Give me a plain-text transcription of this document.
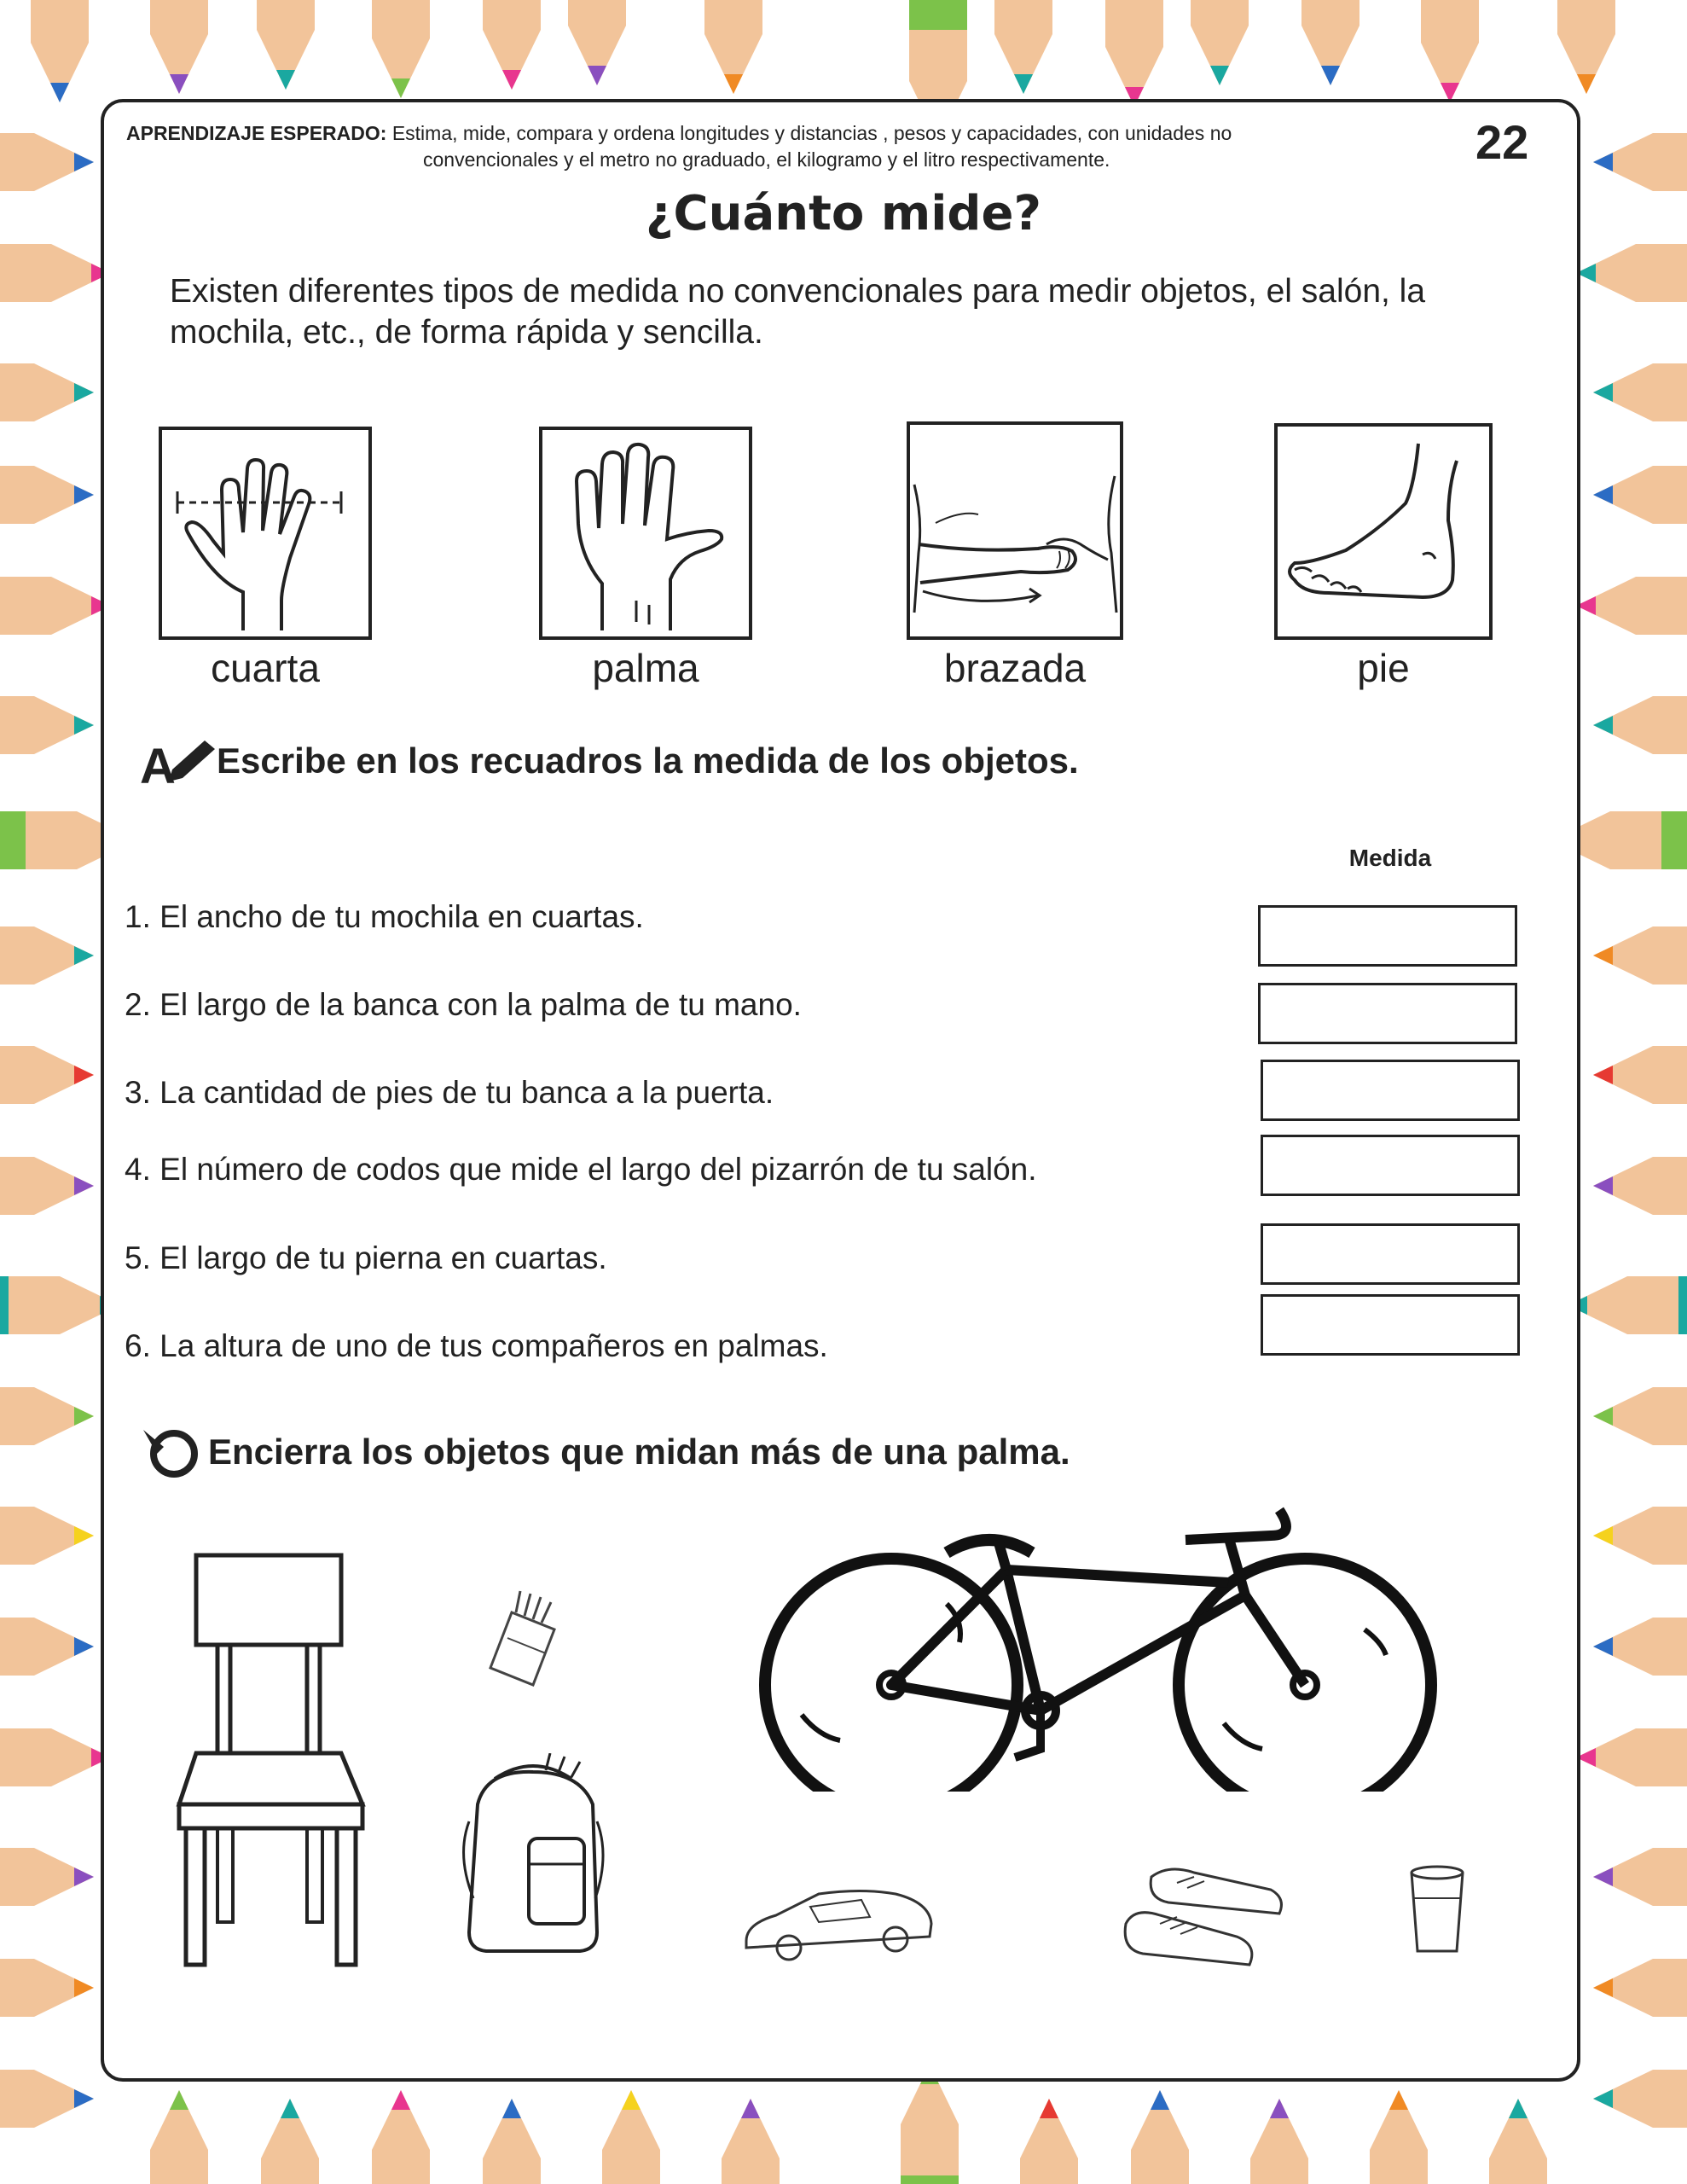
APRENDIZAJE ESPERADO: Estima, mide, compara y ordena longitudes y distancias , pesos y capacidades, con unidades no
convencionales y el metro no graduado, el kilogramo y el litro respectivamente.	22
¿Cuánto mide?
Existen diferentes tipos de medida no convencionales para medir objetos, el salón, la mochila, etc., de forma rápida y sencilla.
cuarta	palma	brazada	pie
A Escribe en los recuadros la medida de los objetos.
Medida
1. El ancho de tu mochila en cuartas.
2. El largo de la banca con la palma de tu mano.
3. La cantidad de pies de tu banca a la puerta.
4. El número de codos que mide el largo del pizarrón de tu salón.
5. El largo de tu pierna en cuartas.
6. La altura de uno de tus compañeros en palmas.
Encierra los objetos que midan más de una palma.
